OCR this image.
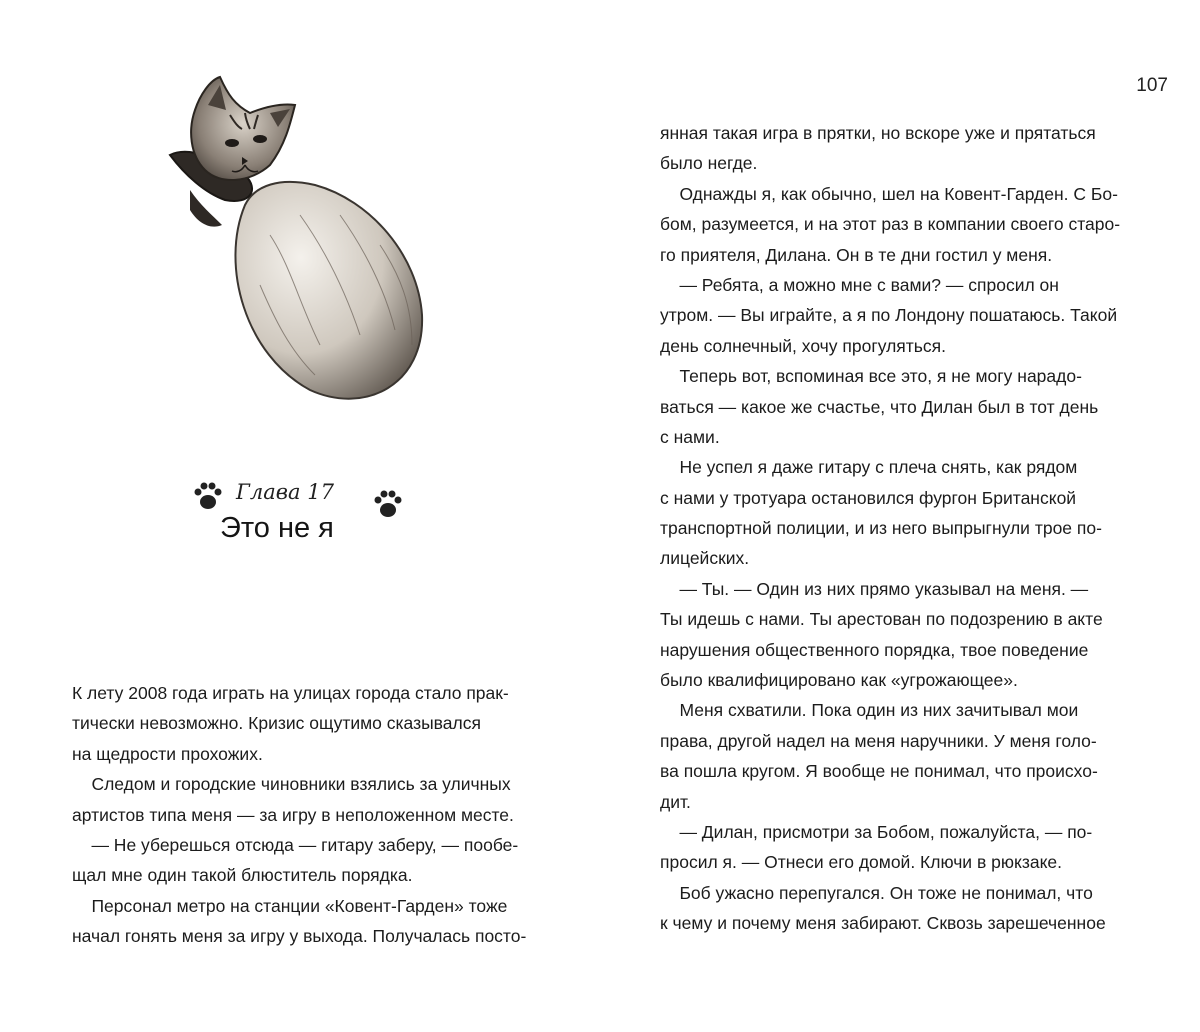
Глава 17
Это не я
К лету 2008 года играть на улицах города стало прак-
тически невозможно. Кризис ощутимо сказывался
на щедрости прохожих.
Следом и городские чиновники взялись за уличных
артистов типа меня — за игру в неположенном месте.
— Не уберешься отсюда — гитару заберу, — пообе-
щал мне один такой блюститель порядка.
Персонал метро на станции «Ковент-Гарден» тоже
начал гонять меня за игру у выхода. Получалась посто-
107
янная такая игра в прятки, но вскоре уже и прятаться
было негде.
Однажды я, как обычно, шел на Ковент-Гарден. С Бо-
бом, разумеется, и на этот раз в компании своего старо-
го приятеля, Дилана. Он в те дни гостил у меня.
— Ребята, а можно мне с вами? — спросил он
утром. — Вы играйте, а я по Лондону пошатаюсь. Такой
день солнечный, хочу прогуляться.
Теперь вот, вспоминая все это, я не могу нарадо-
ваться — какое же счастье, что Дилан был в тот день
с нами.
Не успел я даже гитару с плеча снять, как рядом
с нами у тротуара остановился фургон Британской
транспортной полиции, и из него выпрыгнули трое по-
лицейских.
— Ты. — Один из них прямо указывал на меня. —
Ты идешь с нами. Ты арестован по подозрению в акте
нарушения общественного порядка, твое поведение
было квалифицировано как «угрожающее».
Меня схватили. Пока один из них зачитывал мои
права, другой надел на меня наручники. У меня голо-
ва пошла кругом. Я вообще не понимал, что происхо-
дит.
— Дилан, присмотри за Бобом, пожалуйста, — по-
просил я. — Отнеси его домой. Ключи в рюкзаке.
Боб ужасно перепугался. Он тоже не понимал, что
к чему и почему меня забирают. Сквозь зарешеченное
